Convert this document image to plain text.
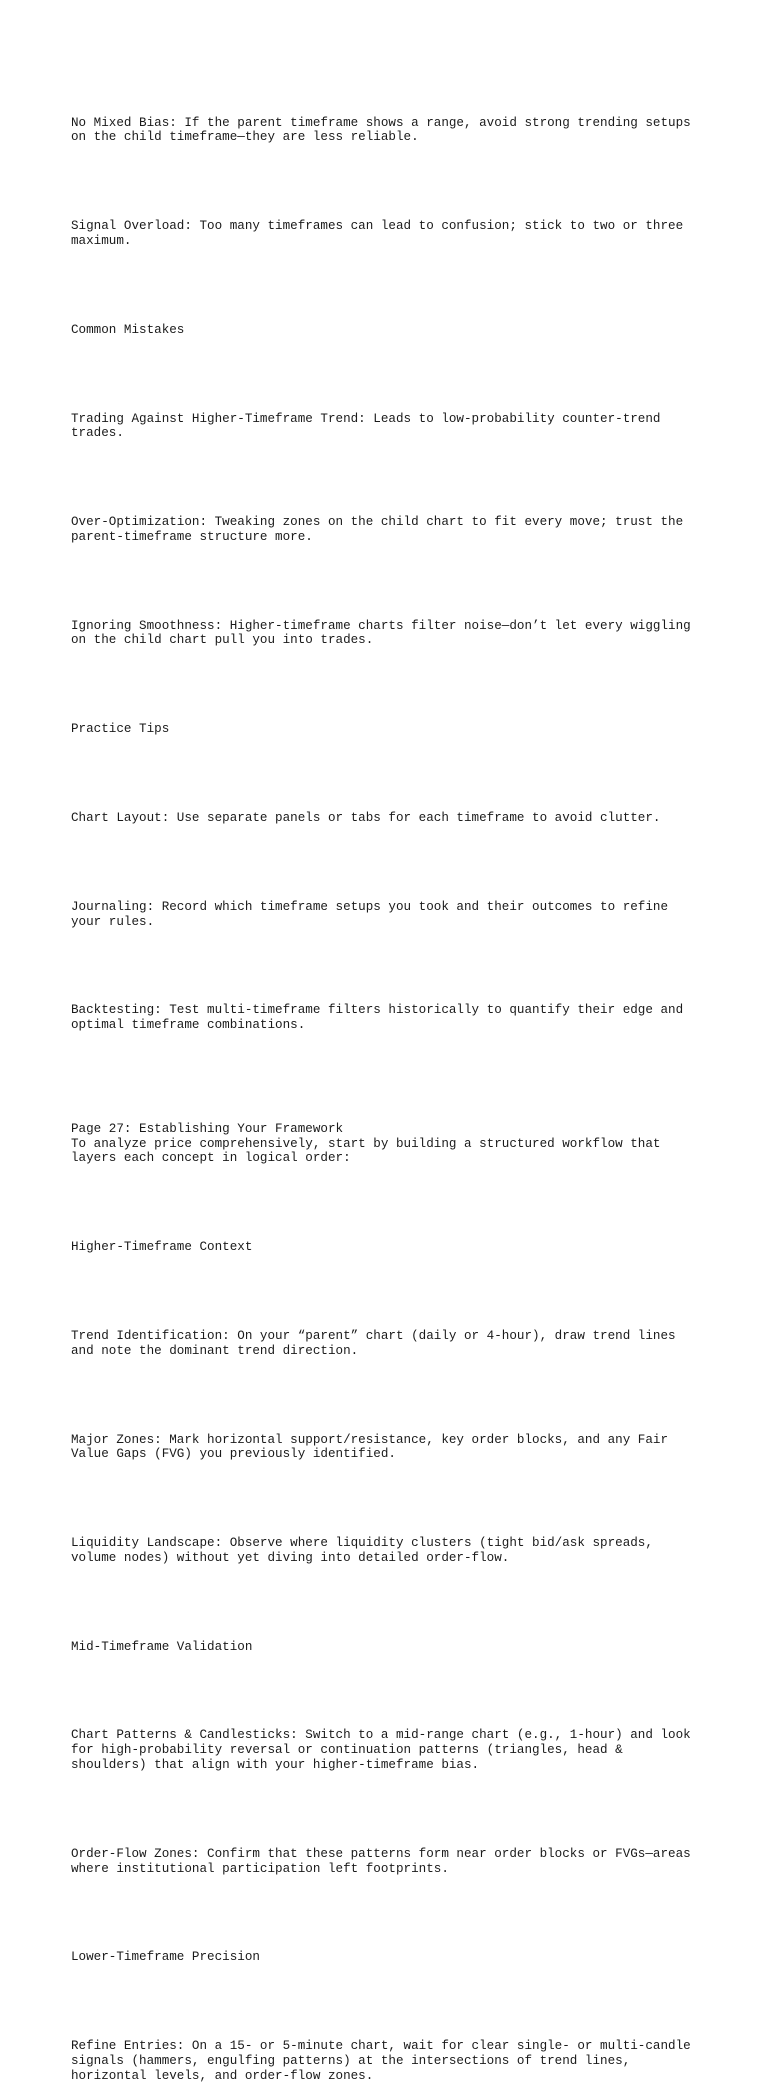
No Mixed Bias: If the parent timeframe shows a range, avoid strong trending setups
on the child timeframe—they are less reliable.

Signal Overload: Too many timeframes can lead to confusion; stick to two or three
maximum.

Common Mistakes

Trading Against Higher-Timeframe Trend: Leads to low-probability counter-trend
trades.

Over-Optimization: Tweaking zones on the child chart to fit every move; trust the
parent-timeframe structure more.

Ignoring Smoothness: Higher-timeframe charts filter noise—don’t let every wiggling
on the child chart pull you into trades.

Practice Tips

Chart Layout: Use separate panels or tabs for each timeframe to avoid clutter.

Journaling: Record which timeframe setups you took and their outcomes to refine
your rules.

Backtesting: Test multi-timeframe filters historically to quantify their edge and
optimal timeframe combinations.

Page 27: Establishing Your Framework
To analyze price comprehensively, start by building a structured workflow that
layers each concept in logical order:

Higher-Timeframe Context

Trend Identification: On your “parent” chart (daily or 4-hour), draw trend lines
and note the dominant trend direction.

Major Zones: Mark horizontal support/resistance, key order blocks, and any Fair
Value Gaps (FVG) you previously identified.

Liquidity Landscape: Observe where liquidity clusters (tight bid/ask spreads,
volume nodes) without yet diving into detailed order-flow.

Mid-Timeframe Validation

Chart Patterns & Candlesticks: Switch to a mid-range chart (e.g., 1-hour) and look
for high-probability reversal or continuation patterns (triangles, head &
shoulders) that align with your higher-timeframe bias.

Order-Flow Zones: Confirm that these patterns form near order blocks or FVGs—areas
where institutional participation left footprints.

Lower-Timeframe Precision

Refine Entries: On a 15- or 5-minute chart, wait for clear single- or multi-candle
signals (hammers, engulfing patterns) at the intersections of trend lines,
horizontal levels, and order-flow zones.
